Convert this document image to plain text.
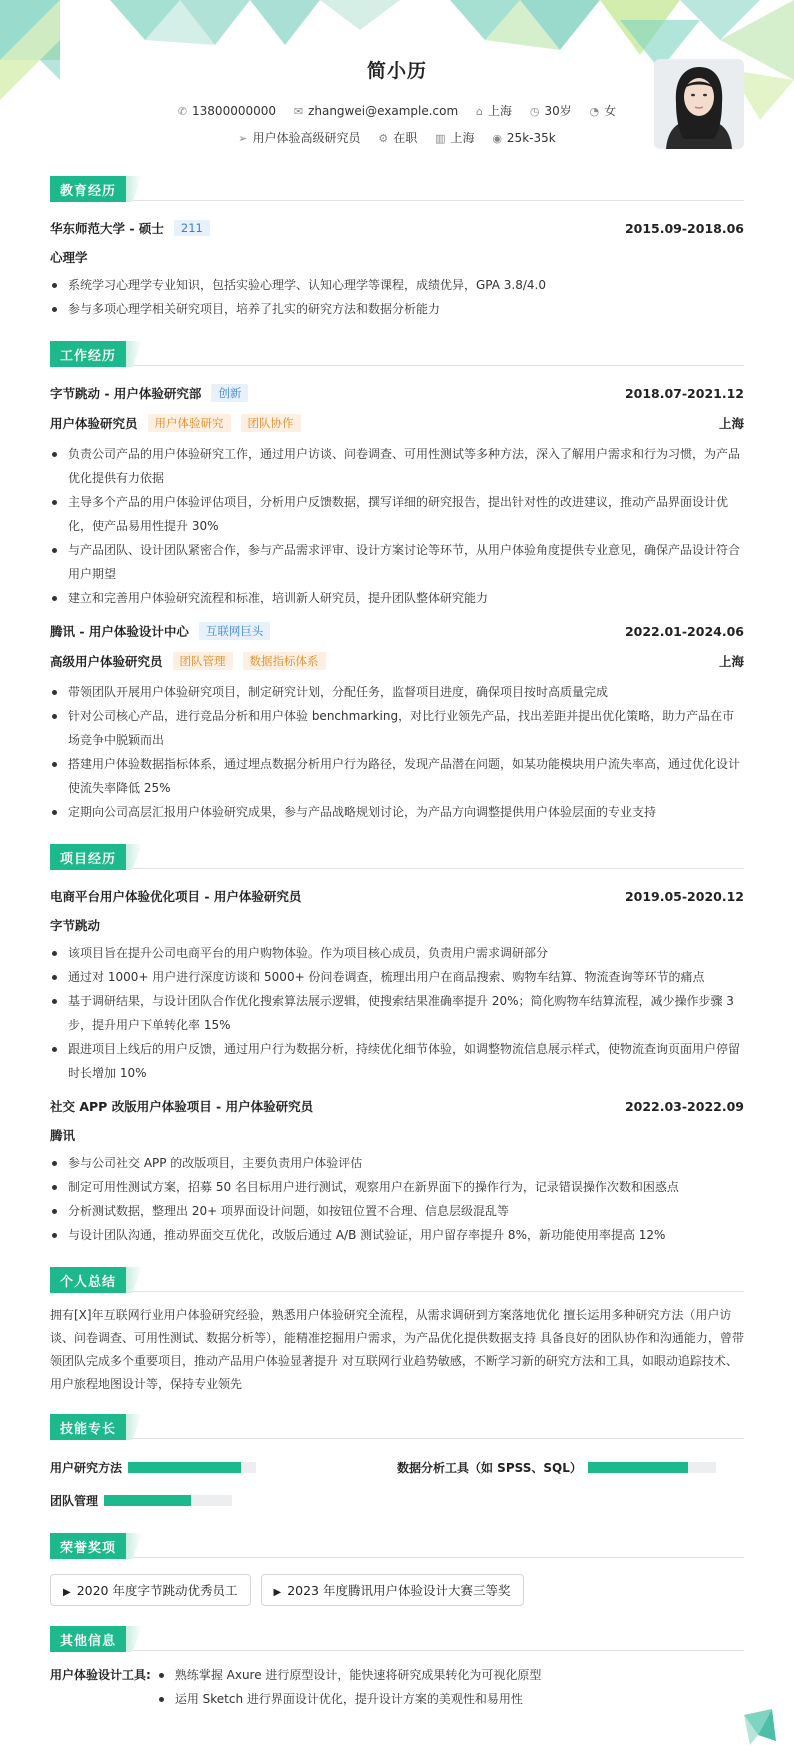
简小历
✆ 13800000000 ✉ zhangwei@example.com ⌂ 上海 ◷ 30岁 ◔ 女
➢ 用户体验高级研究员 ⚙ 在职 ▥ 上海 ◉ 25k-35k
教育经历
华东师范大学 - 硕士	211	2015.09-2018.06
心理学
系统学习心理学专业知识，包括实验心理学、认知心理学等课程，成绩优异，GPA 3.8/4.0
参与多项心理学相关研究项目，培养了扎实的研究方法和数据分析能力
工作经历
字节跳动 - 用户体验研究部	创新	2018.07-2021.12
用户体验研究员	用户体验研究	团队协作	上海
负责公司产品的用户体验研究工作，通过用户访谈、问卷调查、可用性测试等多种方法，深入了解用户需求和行为习惯，为产品优化提供有力依据
主导多个产品的用户体验评估项目，分析用户反馈数据，撰写详细的研究报告，提出针对性的改进建议，推动产品界面设计优化，使产品易用性提升 30%
与产品团队、设计团队紧密合作，参与产品需求评审、设计方案讨论等环节，从用户体验角度提供专业意见，确保产品设计符合用户期望
建立和完善用户体验研究流程和标准，培训新人研究员，提升团队整体研究能力
腾讯 - 用户体验设计中心	互联网巨头	2022.01-2024.06
高级用户体验研究员	团队管理	数据指标体系	上海
带领团队开展用户体验研究项目，制定研究计划，分配任务，监督项目进度，确保项目按时高质量完成
针对公司核心产品，进行竞品分析和用户体验 benchmarking，对比行业领先产品，找出差距并提出优化策略，助力产品在市场竞争中脱颖而出
搭建用户体验数据指标体系，通过埋点数据分析用户行为路径，发现产品潜在问题，如某功能模块用户流失率高，通过优化设计使流失率降低 25%
定期向公司高层汇报用户体验研究成果，参与产品战略规划讨论，为产品方向调整提供用户体验层面的专业支持
项目经历
电商平台用户体验优化项目 - 用户体验研究员	2019.05-2020.12
字节跳动
该项目旨在提升公司电商平台的用户购物体验。作为项目核心成员，负责用户需求调研部分
通过对 1000+ 用户进行深度访谈和 5000+ 份问卷调查，梳理出用户在商品搜索、购物车结算、物流查询等环节的痛点
基于调研结果，与设计团队合作优化搜索算法展示逻辑，使搜索结果准确率提升 20%；简化购物车结算流程，减少操作步骤 3 步，提升用户下单转化率 15%
跟进项目上线后的用户反馈，通过用户行为数据分析，持续优化细节体验，如调整物流信息展示样式，使物流查询页面用户停留时长增加 10%
社交 APP 改版用户体验项目 - 用户体验研究员	2022.03-2022.09
腾讯
参与公司社交 APP 的改版项目，主要负责用户体验评估
制定可用性测试方案，招募 50 名目标用户进行测试，观察用户在新界面下的操作行为，记录错误操作次数和困惑点
分析测试数据，整理出 20+ 项界面设计问题，如按钮位置不合理、信息层级混乱等
与设计团队沟通，推动界面交互优化，改版后通过 A/B 测试验证，用户留存率提升 8%，新功能使用率提高 12%
个人总结
拥有[X]年互联网行业用户体验研究经验，熟悉用户体验研究全流程，从需求调研到方案落地优化 擅长运用多种研究方法（用户访谈、问卷调查、可用性测试、数据分析等），能精准挖掘用户需求，为产品优化提供数据支持 具备良好的团队协作和沟通能力，曾带领团队完成多个重要项目，推动产品用户体验显著提升 对互联网行业趋势敏感，不断学习新的研究方法和工具，如眼动追踪技术、用户旅程地图设计等，保持专业领先
技能专长
用户研究方法	数据分析工具（如 SPSS、SQL）
团队管理
荣誉奖项
▶ 2020 年度字节跳动优秀员工	▶ 2023 年度腾讯用户体验设计大赛三等奖
其他信息
用户体验设计工具:	熟练掌握 Axure 进行原型设计，能快速将研究成果转化为可视化原型
运用 Sketch 进行界面设计优化，提升设计方案的美观性和易用性
